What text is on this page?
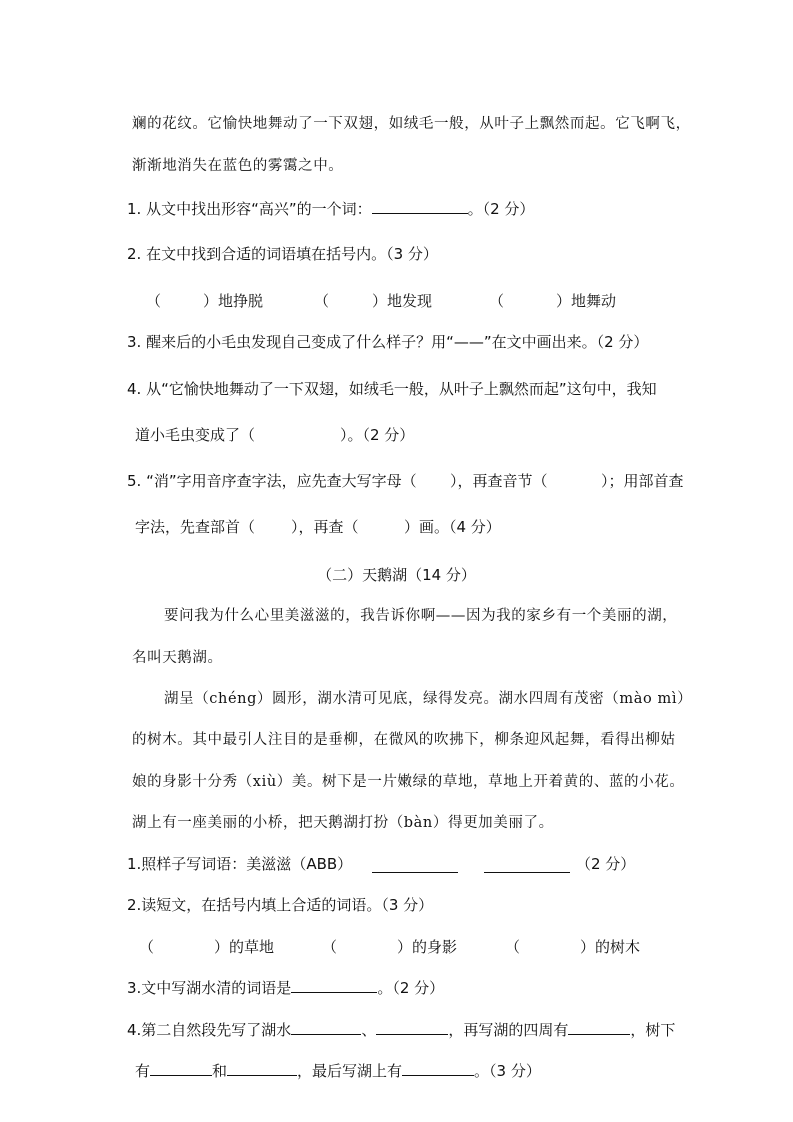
斓的花纹。它愉快地舞动了一下双翅，如绒毛一般，从叶子上飘然而起。它飞啊飞，
渐渐地消失在蓝色的雾霭之中。
1. 从文中找出形容“高兴”的一个词：	。（2 分）
2. 在文中找到合适的词语填在括号内。（3 分）
（	）地挣脱	（	）地发现	（	）地舞动
3. 醒来后的小毛虫发现自己变成了什么样子？用“——”在文中画出来。（2 分）
4. 从“它愉快地舞动了一下双翅，如绒毛一般，从叶子上飘然而起”这句中，我知
道小毛虫变成了（	）。（2 分）
5. “消”字用音序查字法，应先查大写字母（ ），再查音节（	）；用部首查
字法，先查部首（ ），再查（	）画。（4 分）
（二）天鹅湖（14 分）
要问我为什么心里美滋滋的，我告诉你啊——因为我的家乡有一个美丽的湖，
名叫天鹅湖。
湖呈（chéng）圆形，湖水清可见底，绿得发亮。湖水四周有茂密（mào mì）
的树木。其中最引人注目的是垂柳，在微风的吹拂下，柳条迎风起舞，看得出柳姑
娘的身影十分秀（xiù）美。树下是一片嫩绿的草地，草地上开着黄的、蓝的小花。
湖上有一座美丽的小桥，把天鹅湖打扮（bàn）得更加美丽了。
1.照样子写词语：美滋滋（ABB）	（2 分）
2.读短文，在括号内填上合适的词语。（3 分）
（	）的草地	（	）的身影	（	）的树木
3.文中写湖水清的词语是	。（2 分）
4.第二自然段先写了湖水	、	，再写湖的四周有	，树下
有	和	，最后写湖上有	。（3 分）
